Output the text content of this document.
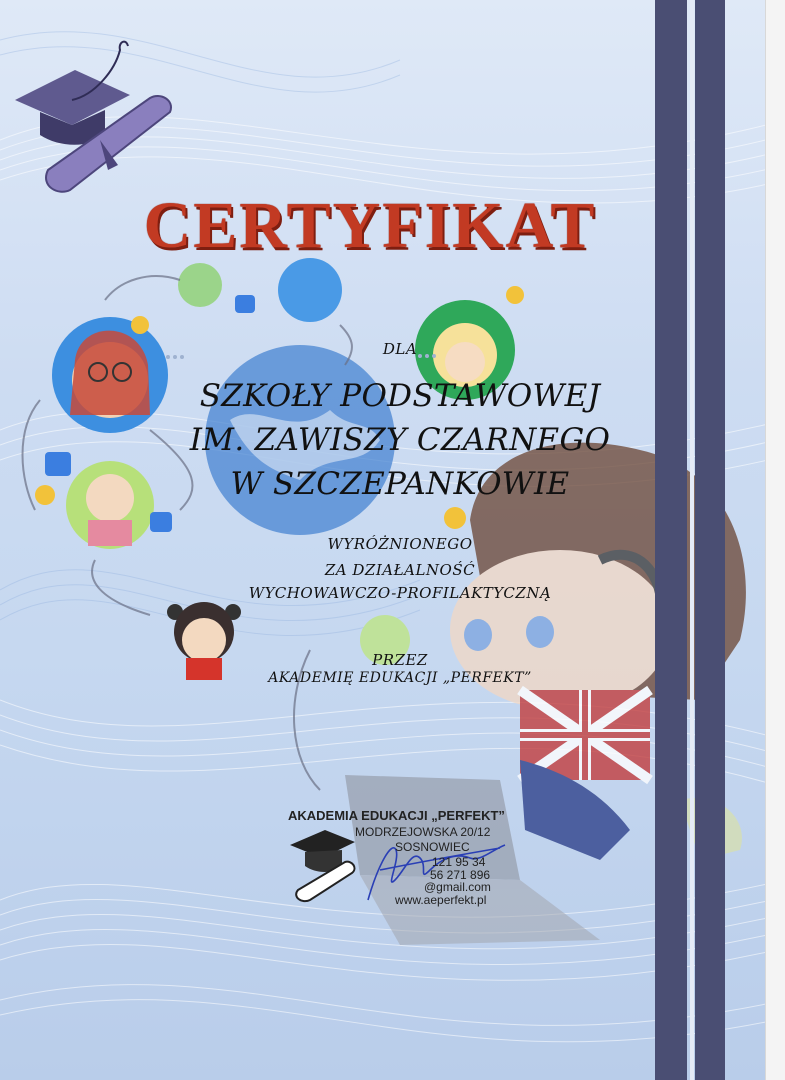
CERTYFIKAT
DLA
SZKOŁY PODSTAWOWEJ
IM. ZAWISZY CZARNEGO
W SZCZEPANKOWIE
WYRÓŻNIONEGO
ZA DZIAŁALNOŚĆ
WYCHOWAWCZO-PROFILAKTYCZNĄ
PRZEZ
AKADEMIĘ EDUKACJI „PERFEKT”
AKADEMIA EDUKACJI „PERFEKT”
MODRZEJOWSKA 20/12
SOSNOWIEC
121 95 34
56 271 896
@gmail.com
www.aeperfekt.pl
